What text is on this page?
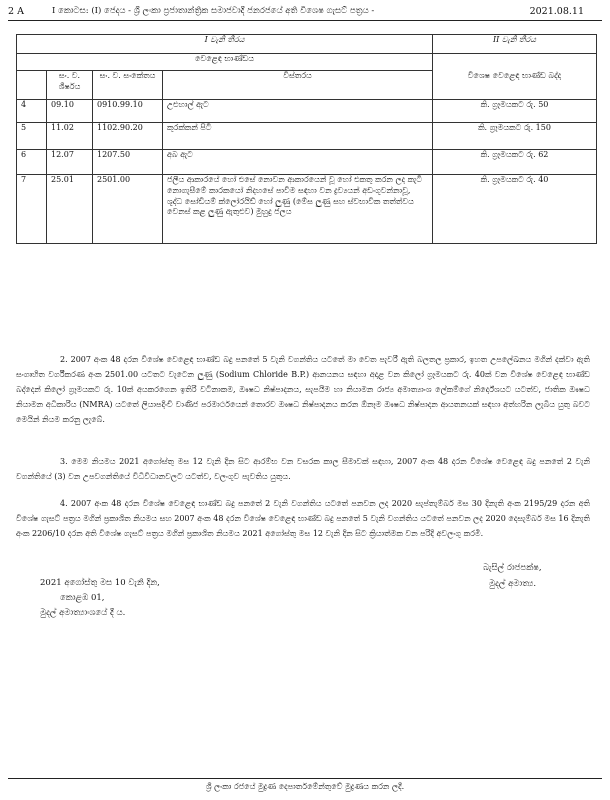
2 A	I කොටස: (I) ජෙදය - ශ්‍රී ලංකා ප්‍රජාතාන්ත්‍රික සමාජවාදී ජනරජයේ අති විශෙෂ ගැසට් පත්‍රය -	2021.08.11
I වැනි තීරය				II වැනි තීරය
වෙළෙඳ භාණ්ඩය				විශෙෂ වෙළෙඳ භාණ්ඩ බද්ද
	සං. ව. ශීර්ෂය	සං. ව. සංකේතය	විස්තරය	
4	09.10	0910.99.10	උළුහාල් ඇට	කි. ග්‍රෑමයකට රු. 50
5	11.02	1102.90.20	කුරක්කන් පිටි	කි. ග්‍රෑමයකට රු. 150
6	12.07	1207.50	අබ ඇට	කි. ග්‍රෑමයකට රු. 62
7	25.01	2501.00	ජලීය ආකාරයේ හෝ එසේ නොවන ආකාරයෙන් වූ හෝ එකතු කරන ලද කැටි නොගැසීමේ කාරකයෝ නිදහසේ පාවීම සඳහා වන ද්‍රව්‍යයන් අඩංගුවන්නාවූ, ශුද්ධ සෝඩියම් ක්ලෝරයිඩ් හෝ ලුණු (මේස ලුණු සහ ස්වභාවික තත්ත්වය වෙනස් කළ ලුණු ඇතුළුව) මුහුදු ජලය	කි. ග්‍රෑමයකට රු. 40
2. 2007 අංක 48 දරන විශේෂ වෙළෙඳ භාණ්ඩ බදු පනතේ 5 වැනි වගන්තිය යටතේ මා වෙත පැවරී ඇති බලතල ප්‍රකාර, ඉහත උපලේඛනය මගින් දක්වා ඇති සංගෘහිත වර්ගීකරණ අංක 2501.00 යටතට වැටෙන ලුණු (Sodium Chloride B.P.) ආනයනය සඳහා අදළ වන කිලෝ ග්‍රෑමයකට රු. 40ක් වන විශේෂ වෙළෙඳ භාණ්ඩ බද්දෙන් කිලෝ ග්‍රෑමයකට රු. 10ක් අයකරගෙන ඉතිරි වටිනාකම, ඖෂධ නිෂ්පාදනය, සැපයීම හා නියාමන රාජ්‍ය අමාත්‍යාංශ ලේකම්ගේ නිර්දේශයට යටත්ව, ජාතික ඖෂධ නියාමන අධිකාරිය (NMRA) යටතේ ලියාපදිංචි වාණිජ පරමාර්ථයෙන් තොරව ඖෂධ නිෂ්පාදනය කරන ඕනෑම ඖෂධ නිෂ්පාදන ආයතනයක් සඳහා අත්හරින ලැබිය යුතු බවට මෙයින් නියම කරනු ලැබේ.
3. මෙම නියමය 2021 අගෝස්තු මස 12 වැනි දින සිට ආරම්භ වන වසරක කාල සීමාවක් සඳහා, 2007 අංක 48 දරන විශේෂ වෙළෙඳ බදු පනතේ 2 වැනි වගන්තියේ (3) වන උපවගන්තියේ විධිවිධානවලට යටත්ව, වලංගුව පැවතිය යුතුය.
4. 2007 අංක 48 දරන විශේෂ වෙළෙඳ භාණ්ඩ බදු පනතේ 2 වැනි වගන්තිය යටතේ පනවන ලද 2020 සැප්තැම්බර් මස 30 දිනැති අංක 2195/29 දරන අති විශේෂ ගැසට් පත්‍රය මගින් ප්‍රකාශිත නියමය සහ 2007 අංක 48 දරන විශේෂ වෙළෙඳ භාණ්ඩ බදු පනතේ 5 වැනි වගන්තිය යටතේ පනවන ලද 2020 දෙසැම්බර් මස 16 දිනැති අංක 2206/10 දරන අති විශේෂ ගැසට් පත්‍රය මගින් ප්‍රකාශිත නියමය 2021 අගෝස්තු මස 12 වැනි දින සිට ක්‍රියාත්මක වන පරිදි අවලංගු කරමි.
බැසිල් රාජපක්ෂ,
මුදල් අමාත්‍ය.
2021 අගෝස්තු මස 10 වැනි දින,
කොළඹ 01,
මුදල් අමාත්‍යාංශයේ දී ය.
ශ්‍රී ලංකා රජයේ මුද්‍රණ දෙපාර්තමේන්තුවේ මුද්‍රණය කරන ලදී.
